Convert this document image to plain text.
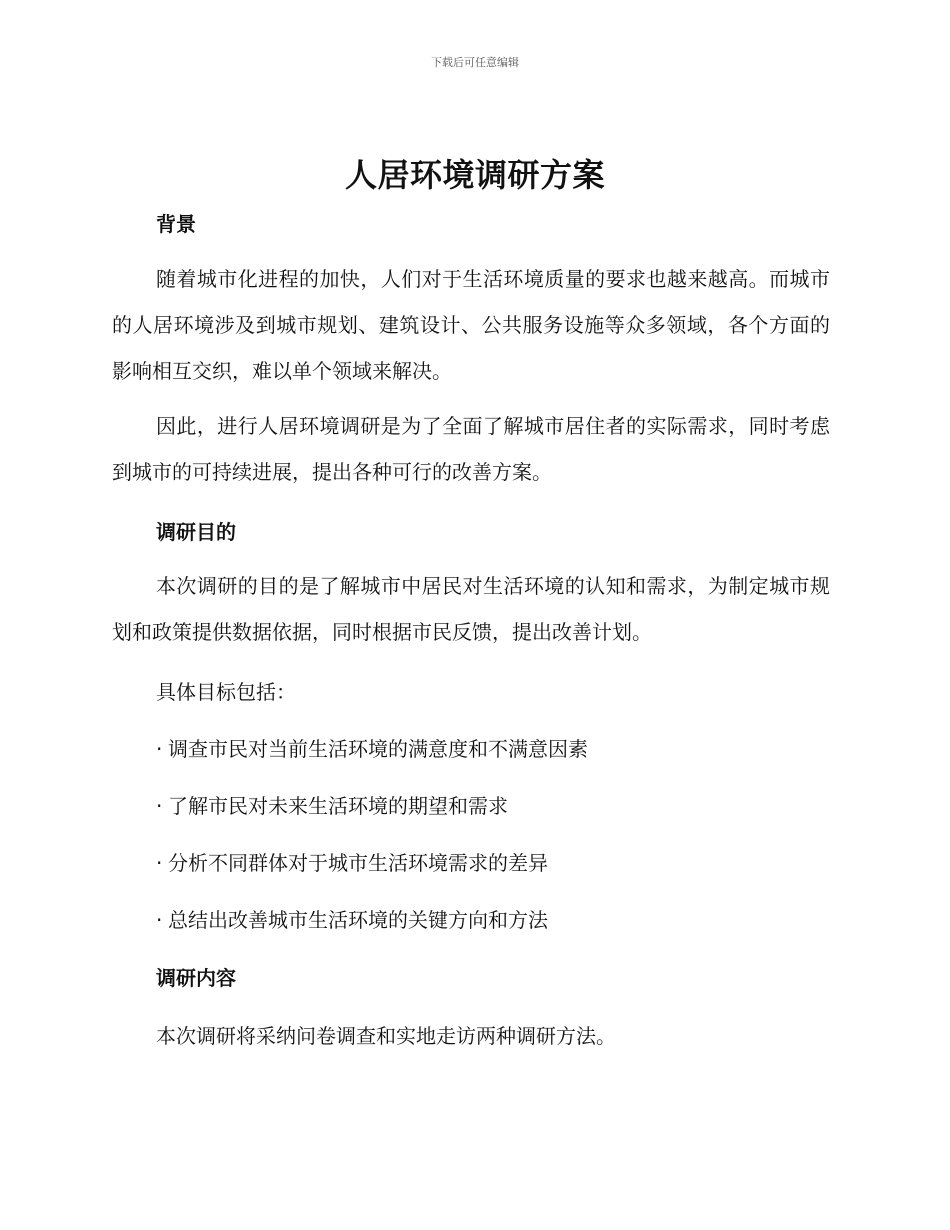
下载后可任意编辑
人居环境调研方案
背景

随着城市化进程的加快，人们对于生活环境质量的要求也越来越高。而城市的人居环境涉及到城市规划、建筑设计、公共服务设施等众多领域，各个方面的影响相互交织，难以单个领域来解决。

因此，进行人居环境调研是为了全面了解城市居住者的实际需求，同时考虑到城市的可持续进展，提出各种可行的改善方案。

调研目的

本次调研的目的是了解城市中居民对生活环境的认知和需求，为制定城市规划和政策提供数据依据，同时根据市民反馈，提出改善计划。

具体目标包括：

· 调查市民对当前生活环境的满意度和不满意因素

· 了解市民对未来生活环境的期望和需求

· 分析不同群体对于城市生活环境需求的差异

· 总结出改善城市生活环境的关键方向和方法

调研内容

本次调研将采纳问卷调查和实地走访两种调研方法。
